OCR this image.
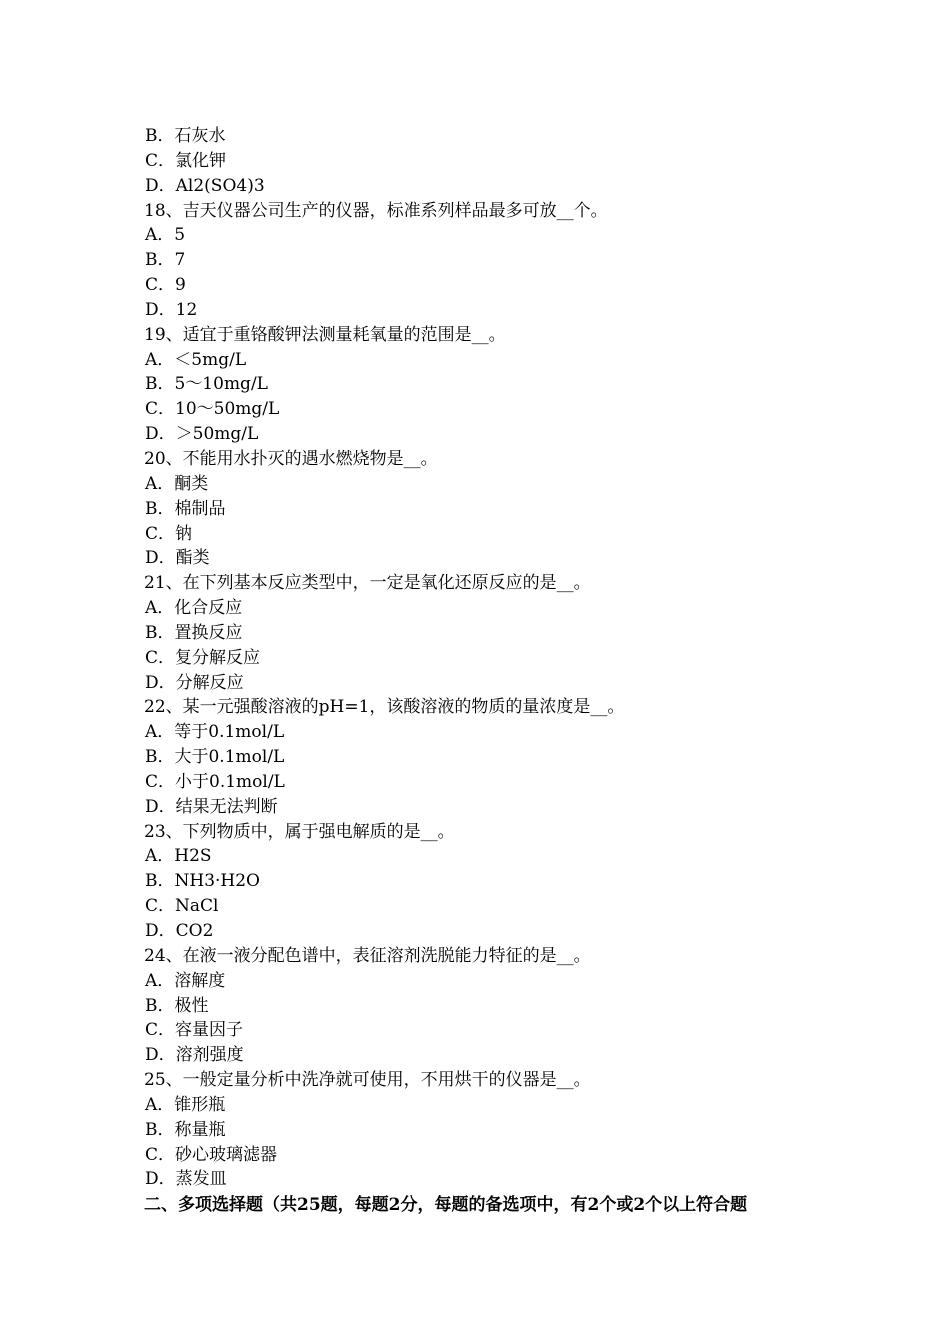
B．石灰水
C．氯化钾
D．Al2(SO4)3
18、吉天仪器公司生产的仪器，标准系列样品最多可放__个。
A．5
B．7
C．9
D．12
19、适宜于重铬酸钾法测量耗氧量的范围是__。
A．＜5mg/L
B．5～10mg/L
C．10～50mg/L
D．＞50mg/L
20、不能用水扑灭的遇水燃烧物是__。
A．酮类
B．棉制品
C．钠
D．酯类
21、在下列基本反应类型中，一定是氧化还原反应的是__。
A．化合反应
B．置换反应
C．复分解反应
D．分解反应
22、某一元强酸溶液的pH=1，该酸溶液的物质的量浓度是__。
A．等于0.1mol/L
B．大于0.1mol/L
C．小于0.1mol/L
D．结果无法判断
23、下列物质中，属于强电解质的是__。
A．H2S
B．NH3·H2O
C．NaCl
D．CO2
24、在液一液分配色谱中，表征溶剂洗脱能力特征的是__。
A．溶解度
B．极性
C．容量因子
D．溶剂强度
25、一般定量分析中洗净就可使用，不用烘干的仪器是__。
A．锥形瓶
B．称量瓶
C．砂心玻璃滤器
D．蒸发皿
二、多项选择题（共25题，每题2分，每题的备选项中，有2个或2个以上符合题
